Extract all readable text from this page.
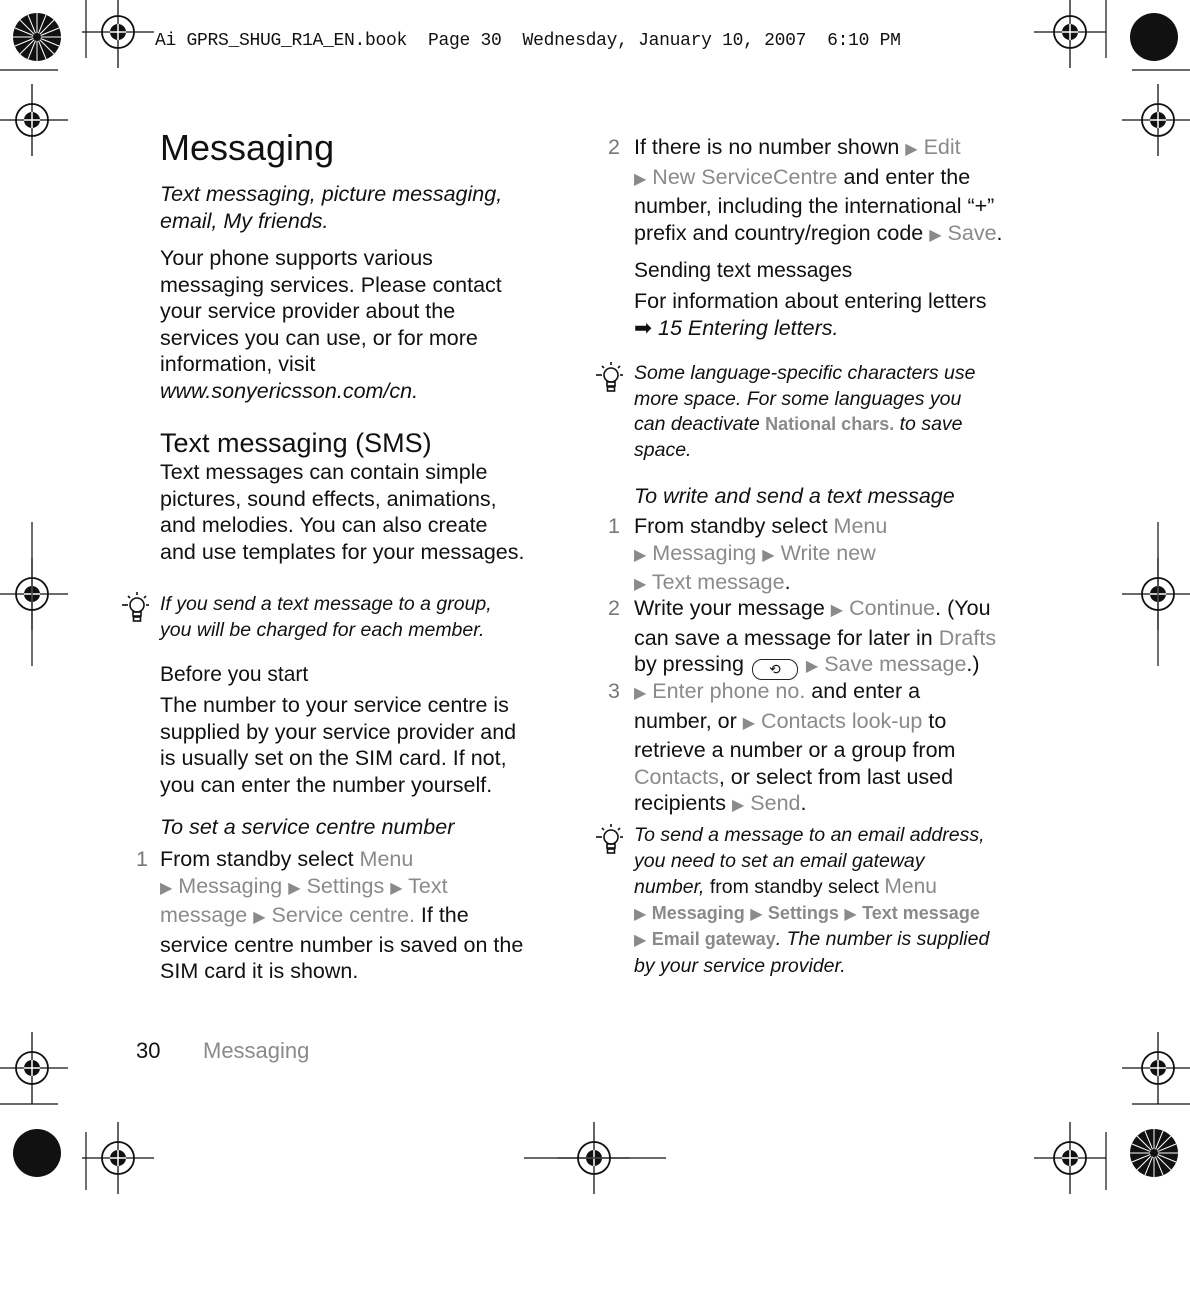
Ai GPRS_SHUG_R1A_EN.book  Page 30  Wednesday, January 10, 2007  6:10 PM
Messaging

Text messaging, picture messaging, email, My friends.

Your phone supports various
messaging services. Please contact
your service provider about the
services you can use, or for more
information, visit
www.sonyericsson.com/cn.
Text messaging (SMS)
Text messages can contain simple
pictures, sound effects, animations,
and melodies. You can also create
and use templates for your messages.
If you send a text message to a group,
you will be charged for each member.
Before you start
The number to your service centre is
supplied by your service provider and
is usually set on the SIM card. If not,
you can enter the number yourself.
To set a service centre number
1 From standby select Menu
▶ Messaging ▶ Settings ▶ Text
message ▶ Service centre. If the
service centre number is saved on the
SIM card it is shown.
2 If there is no number shown ▶ Edit
▶ New ServiceCentre and enter the
number, including the international “+”
prefix and country/region code ▶ Save.
Sending text messages
For information about entering letters
➡ 15 Entering letters.
Some language-specific characters use
more space. For some languages you
can deactivate National chars. to save
space.
To write and send a text message
1 From standby select Menu
▶ Messaging ▶ Write new
▶ Text message.
2 Write your message ▶ Continue. (You
can save a message for later in Drafts
by pressing ⟲ ▶ Save message.)
3 ▶ Enter phone no. and enter a
number, or ▶ Contacts look-up to
retrieve a number or a group from
Contacts, or select from last used
recipients ▶ Send.
To send a message to an email address,
you need to set an email gateway
number, from standby select Menu
▶ Messaging ▶ Settings ▶ Text message
▶ Email gateway. The number is supplied
by your service provider.
30 Messaging
